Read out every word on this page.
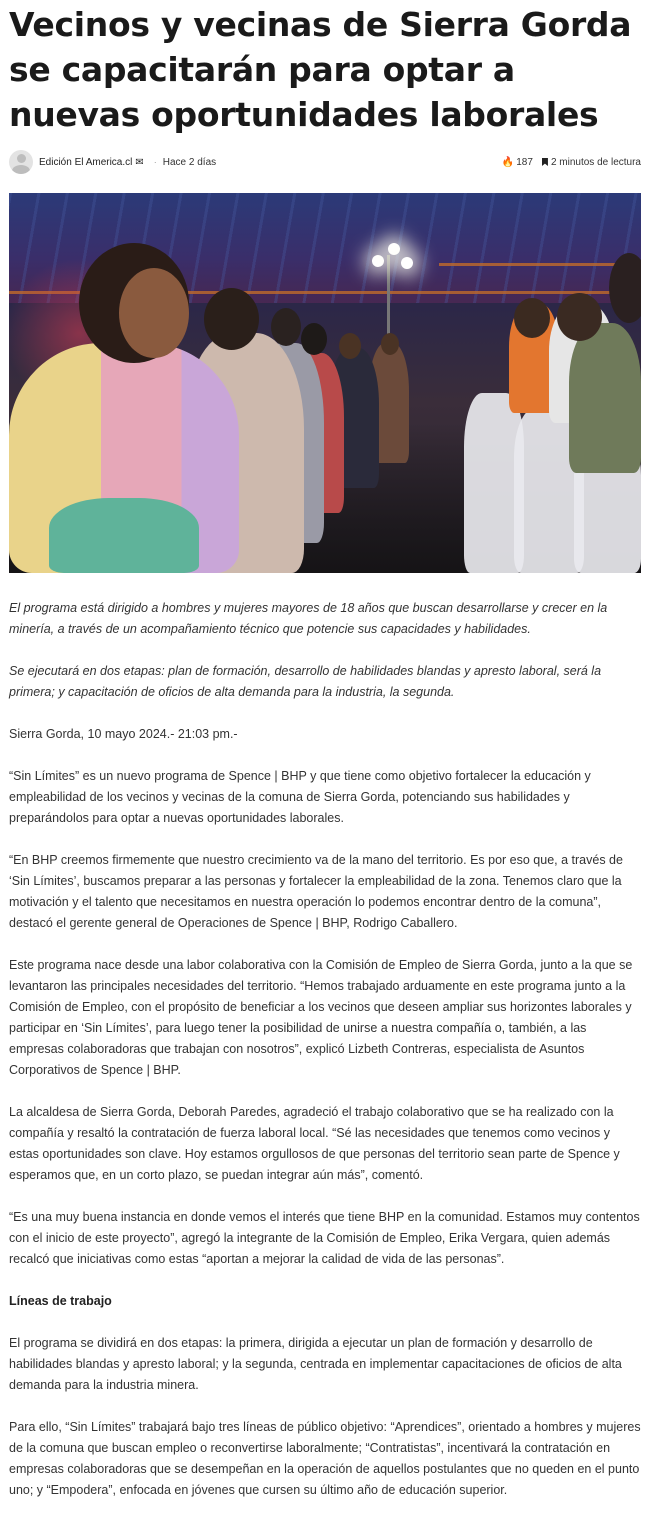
Vecinos y vecinas de Sierra Gorda se capacitarán para optar a nuevas oportunidades laborales
Edición El America.cl ✉ · Hace 2 días	🔥 187 2 minutos de lectura

El programa está dirigido a hombres y mujeres mayores de 18 años que buscan desarrollarse y crecer en la minería, a través de un acompañamiento técnico que potencie sus capacidades y habilidades.

Se ejecutará en dos etapas: plan de formación, desarrollo de habilidades blandas y apresto laboral, será la primera; y capacitación de oficios de alta demanda para la industria, la segunda.

Sierra Gorda, 10 mayo 2024.- 21:03 pm.-

“Sin Límites” es un nuevo programa de Spence | BHP y que tiene como objetivo fortalecer la educación y empleabilidad de los vecinos y vecinas de la comuna de Sierra Gorda, potenciando sus habilidades y preparándolos para optar a nuevas oportunidades laborales.

“En BHP creemos firmemente que nuestro crecimiento va de la mano del territorio. Es por eso que, a través de ‘Sin Límites’, buscamos preparar a las personas y fortalecer la empleabilidad de la zona. Tenemos claro que la motivación y el talento que necesitamos en nuestra operación lo podemos encontrar dentro de la comuna”, destacó el gerente general de Operaciones de Spence | BHP, Rodrigo Caballero.

Este programa nace desde una labor colaborativa con la Comisión de Empleo de Sierra Gorda, junto a la que se levantaron las principales necesidades del territorio. “Hemos trabajado arduamente en este programa junto a la Comisión de Empleo, con el propósito de beneficiar a los vecinos que deseen ampliar sus horizontes laborales y participar en ‘Sin Límites’, para luego tener la posibilidad de unirse a nuestra compañía o, también, a las empresas colaboradoras que trabajan con nosotros”, explicó Lizbeth Contreras, especialista de Asuntos Corporativos de Spence | BHP.

La alcaldesa de Sierra Gorda, Deborah Paredes, agradeció el trabajo colaborativo que se ha realizado con la compañía y resaltó la contratación de fuerza laboral local. “Sé las necesidades que tenemos como vecinos y estas oportunidades son clave. Hoy estamos orgullosos de que personas del territorio sean parte de Spence y esperamos que, en un corto plazo, se puedan integrar aún más”, comentó.

“Es una muy buena instancia en donde vemos el interés que tiene BHP en la comunidad. Estamos muy contentos con el inicio de este proyecto”, agregó la integrante de la Comisión de Empleo, Erika Vergara, quien además recalcó que iniciativas como estas “aportan a mejorar la calidad de vida de las personas”.

Líneas de trabajo

El programa se dividirá en dos etapas: la primera, dirigida a ejecutar un plan de formación y desarrollo de habilidades blandas y apresto laboral; y la segunda, centrada en implementar capacitaciones de oficios de alta demanda para la industria minera.

Para ello, “Sin Límites” trabajará bajo tres líneas de público objetivo: “Aprendices”, orientado a hombres y mujeres de la comuna que buscan empleo o reconvertirse laboralmente; “Contratistas”, incentivará la contratación en empresas colaboradoras que se desempeñan en la operación de aquellos postulantes que no queden en el punto uno; y “Empodera”, enfocada en jóvenes que cursen su último año de educación superior.
